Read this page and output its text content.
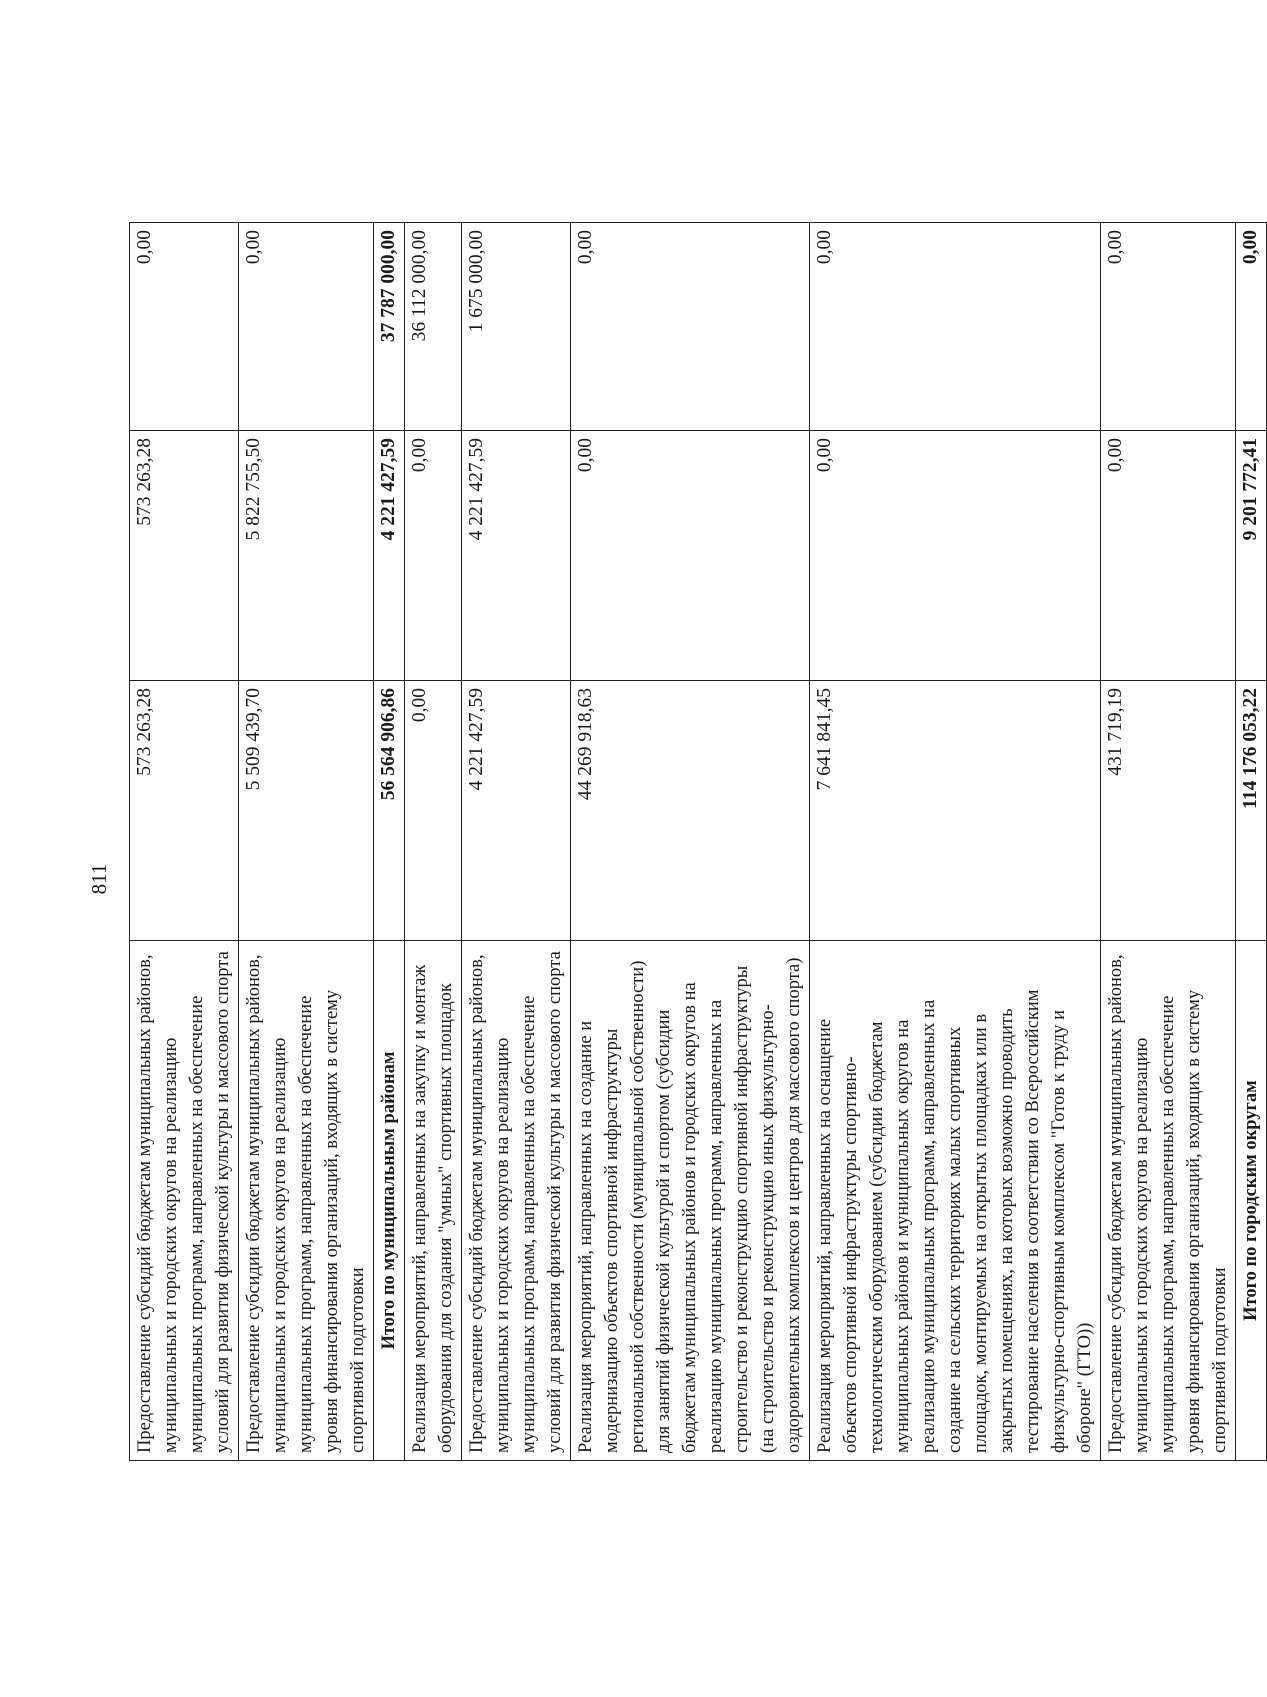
811
Предоставление субсидий бюджетам муниципальных районов, муниципальных и городских округов на реализацию муниципальных программ, направленных на обеспечение условий для развития физической культуры и массового спорта	573 263,28	573 263,28	0,00
Предоставление субсидии бюджетам муниципальных районов, муниципальных и городских округов на реализацию муниципальных программ, направленных на обеспечение уровня финансирования организаций, входящих в систему спортивной подготовки	5 509 439,70	5 822 755,50	0,00
Итого по муниципальным районам	56 564 906,86	4 221 427,59	37 787 000,00
Реализация мероприятий, направленных на закупку и монтаж оборудования для создания "умных" спортивных площадок	0,00	0,00	36 112 000,00
Предоставление субсидий бюджетам муниципальных районов, муниципальных и городских округов на реализацию муниципальных программ, направленных на обеспечение условий для развития физической культуры и массового спорта	4 221 427,59	4 221 427,59	1 675 000,00
Реализация мероприятий, направленных на создание и модернизацию объектов спортивной инфраструктуры региональной собственности (муниципальной собственности) для занятий физической культурой и спортом (субсидии бюджетам муниципальных районов и городских округов на реализацию муниципальных программ, направленных на строительство и реконструкцию спортивной инфраструктуры (на строительство и реконструкцию иных физкультурно-оздоровительных комплексов и центров для массового спорта)	44 269 918,63	0,00	0,00
Реализация мероприятий, направленных на оснащение объектов спортивной инфраструктуры спортивно-технологическим оборудованием (субсидии бюджетам муниципальных районов и муниципальных округов на реализацию муниципальных программ, направленных на создание на сельских территориях малых спортивных площадок, монтируемых на открытых площадках или в закрытых помещениях, на которых возможно проводить тестирование населения в соответствии со Всероссийским физкультурно-спортивным комплексом "Готов к труду и обороне" (ГТО))	7 641 841,45	0,00	0,00
Предоставление субсидии бюджетам муниципальных районов, муниципальных и городских округов на реализацию муниципальных программ, направленных на обеспечение уровня финансирования организаций, входящих в систему спортивной подготовки	431 719,19	0,00	0,00
Итого по городским округам	114 176 053,22	9 201 772,41	0,00
